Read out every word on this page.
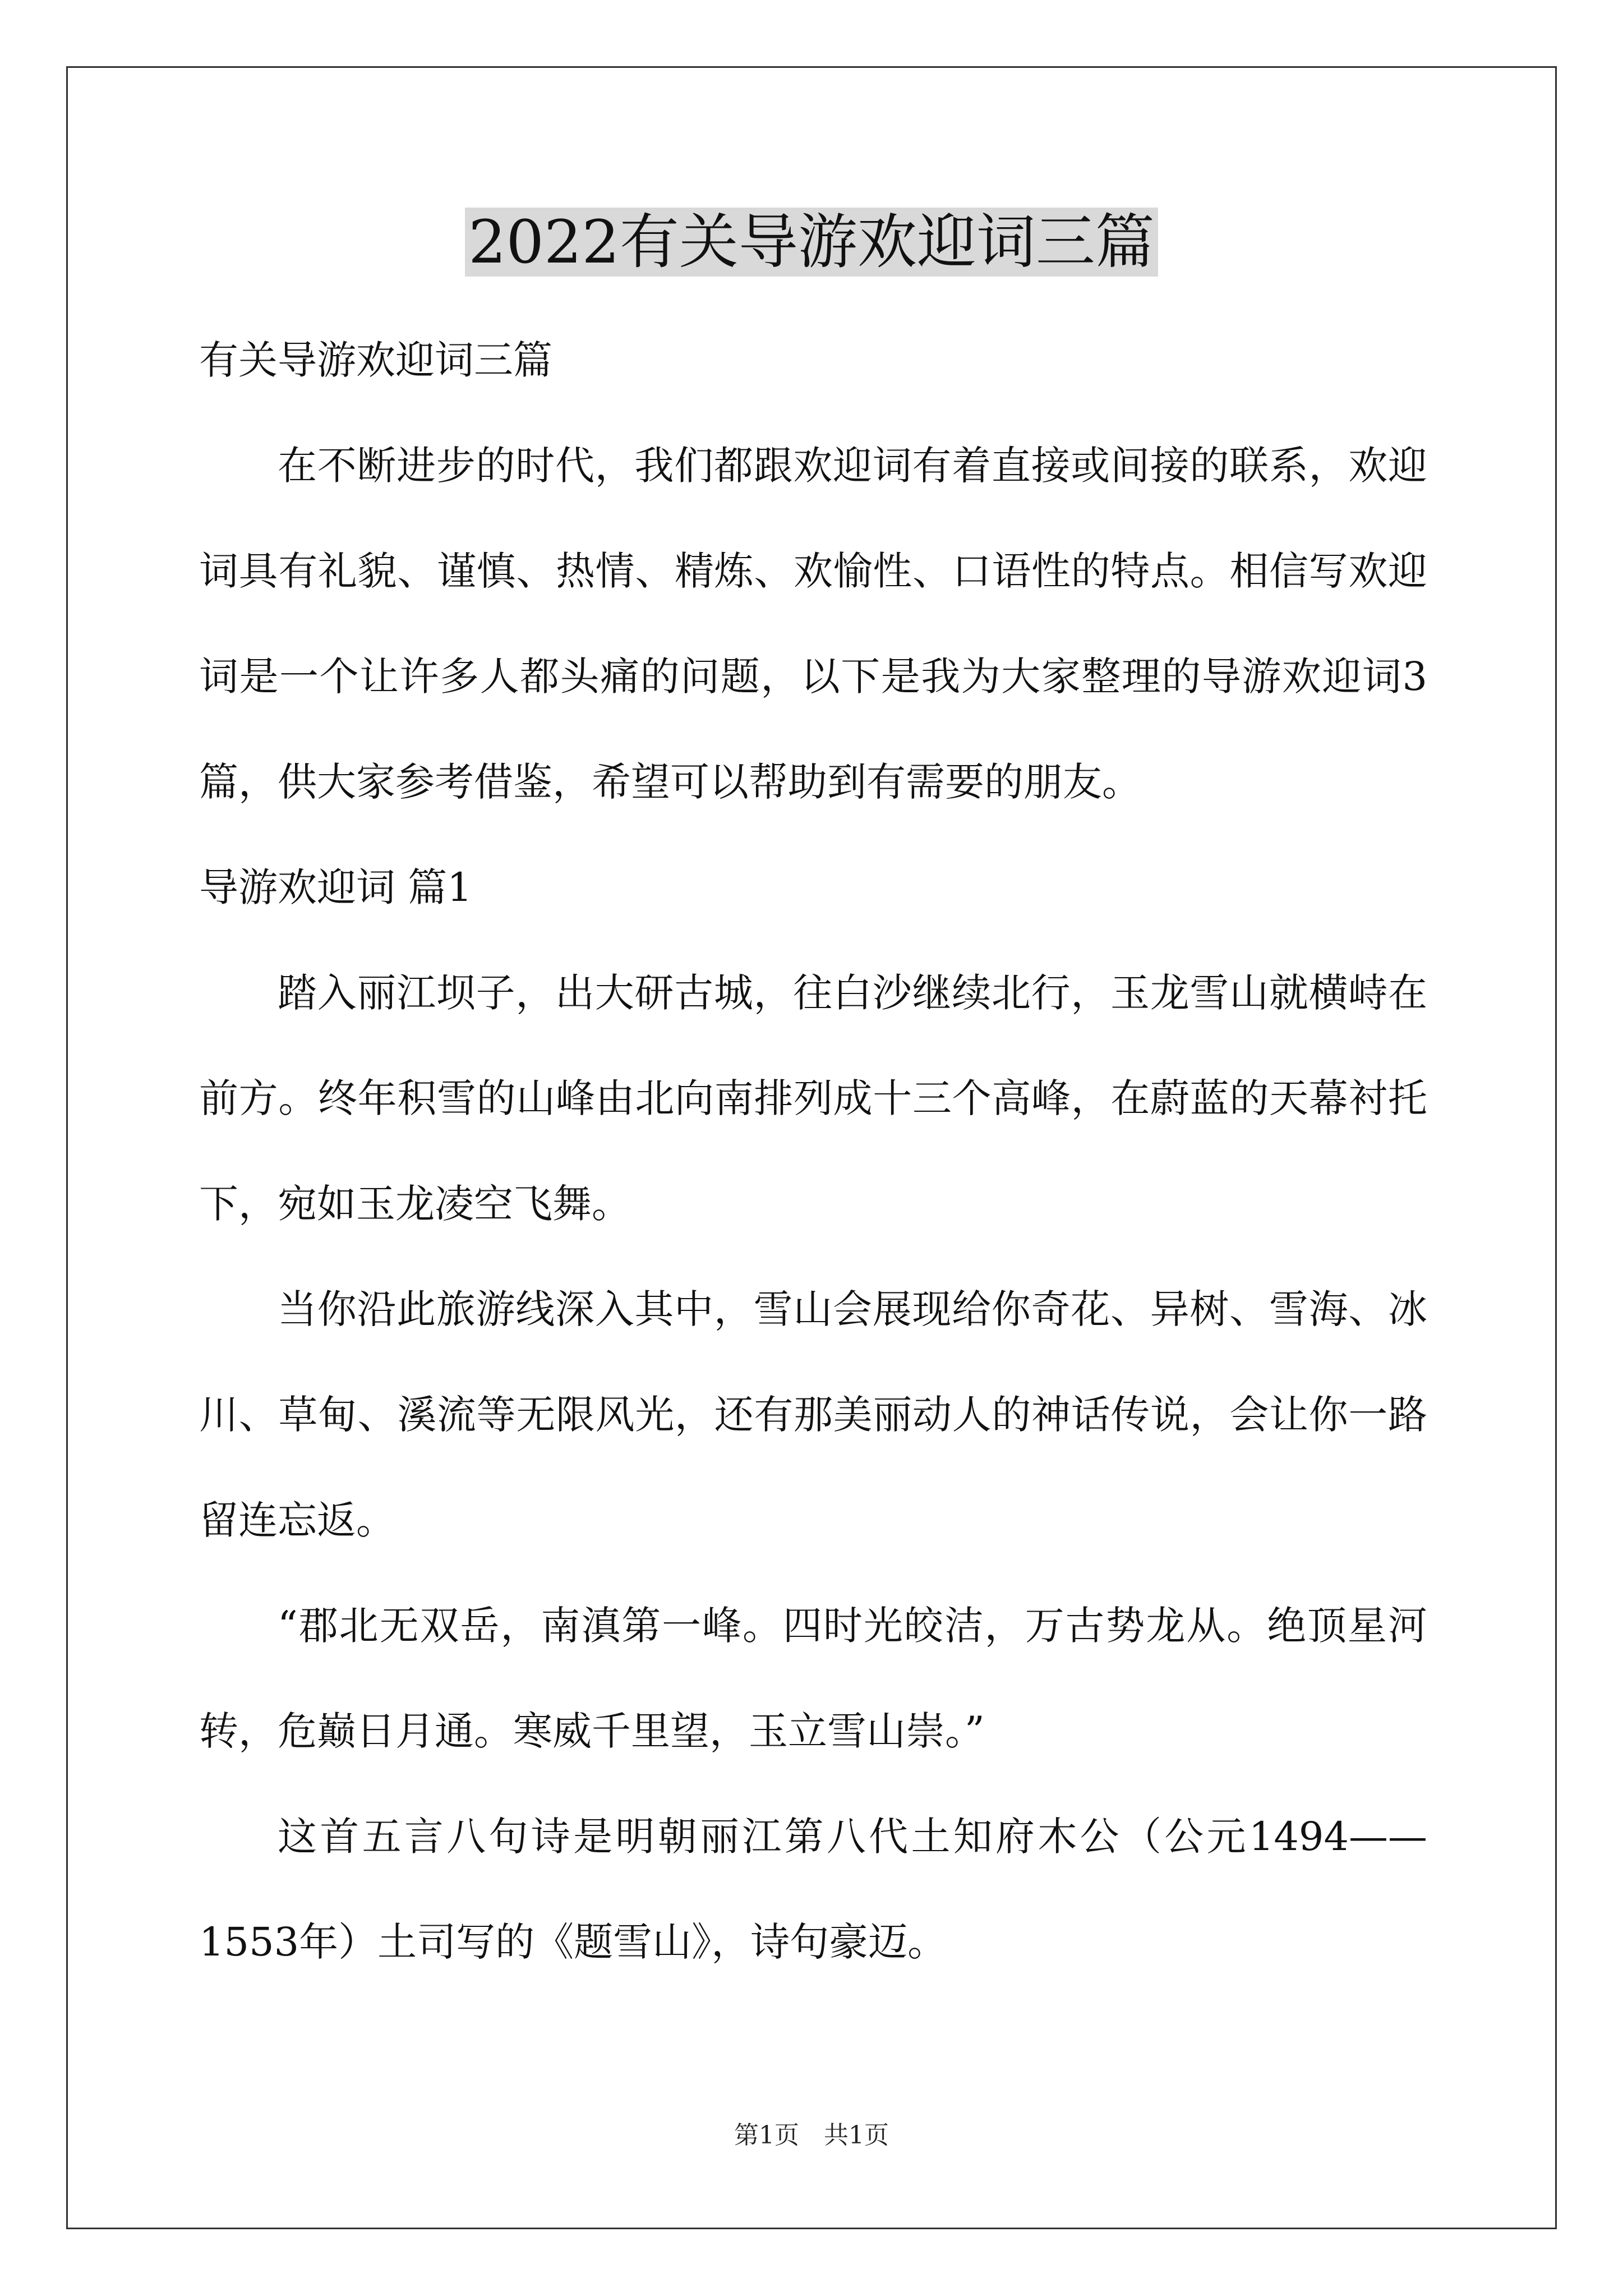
2022有关导游欢迎词三篇
有关导游欢迎词三篇

在不断进步的时代，我们都跟欢迎词有着直接或间接的联系，欢迎词具有礼貌、谨慎、热情、精炼、欢愉性、口语性的特点。相信写欢迎词是一个让许多人都头痛的问题，以下是我为大家整理的导游欢迎词3篇，供大家参考借鉴，希望可以帮助到有需要的朋友。

导游欢迎词 篇1

踏入丽江坝子，出大研古城，往白沙继续北行，玉龙雪山就横峙在前方。终年积雪的山峰由北向南排列成十三个高峰，在蔚蓝的天幕衬托下，宛如玉龙凌空飞舞。

当你沿此旅游线深入其中，雪山会展现给你奇花、异树、雪海、冰川、草甸、溪流等无限风光，还有那美丽动人的神话传说，会让你一路留连忘返。

“郡北无双岳，南滇第一峰。四时光皎洁，万古势龙从。绝顶星河转，危巅日月通。寒威千里望，玉立雪山崇。”

这首五言八句诗是明朝丽江第八代土知府木公（公元1494——1553年）土司写的《题雪山》，诗句豪迈。

第1页　共1页
